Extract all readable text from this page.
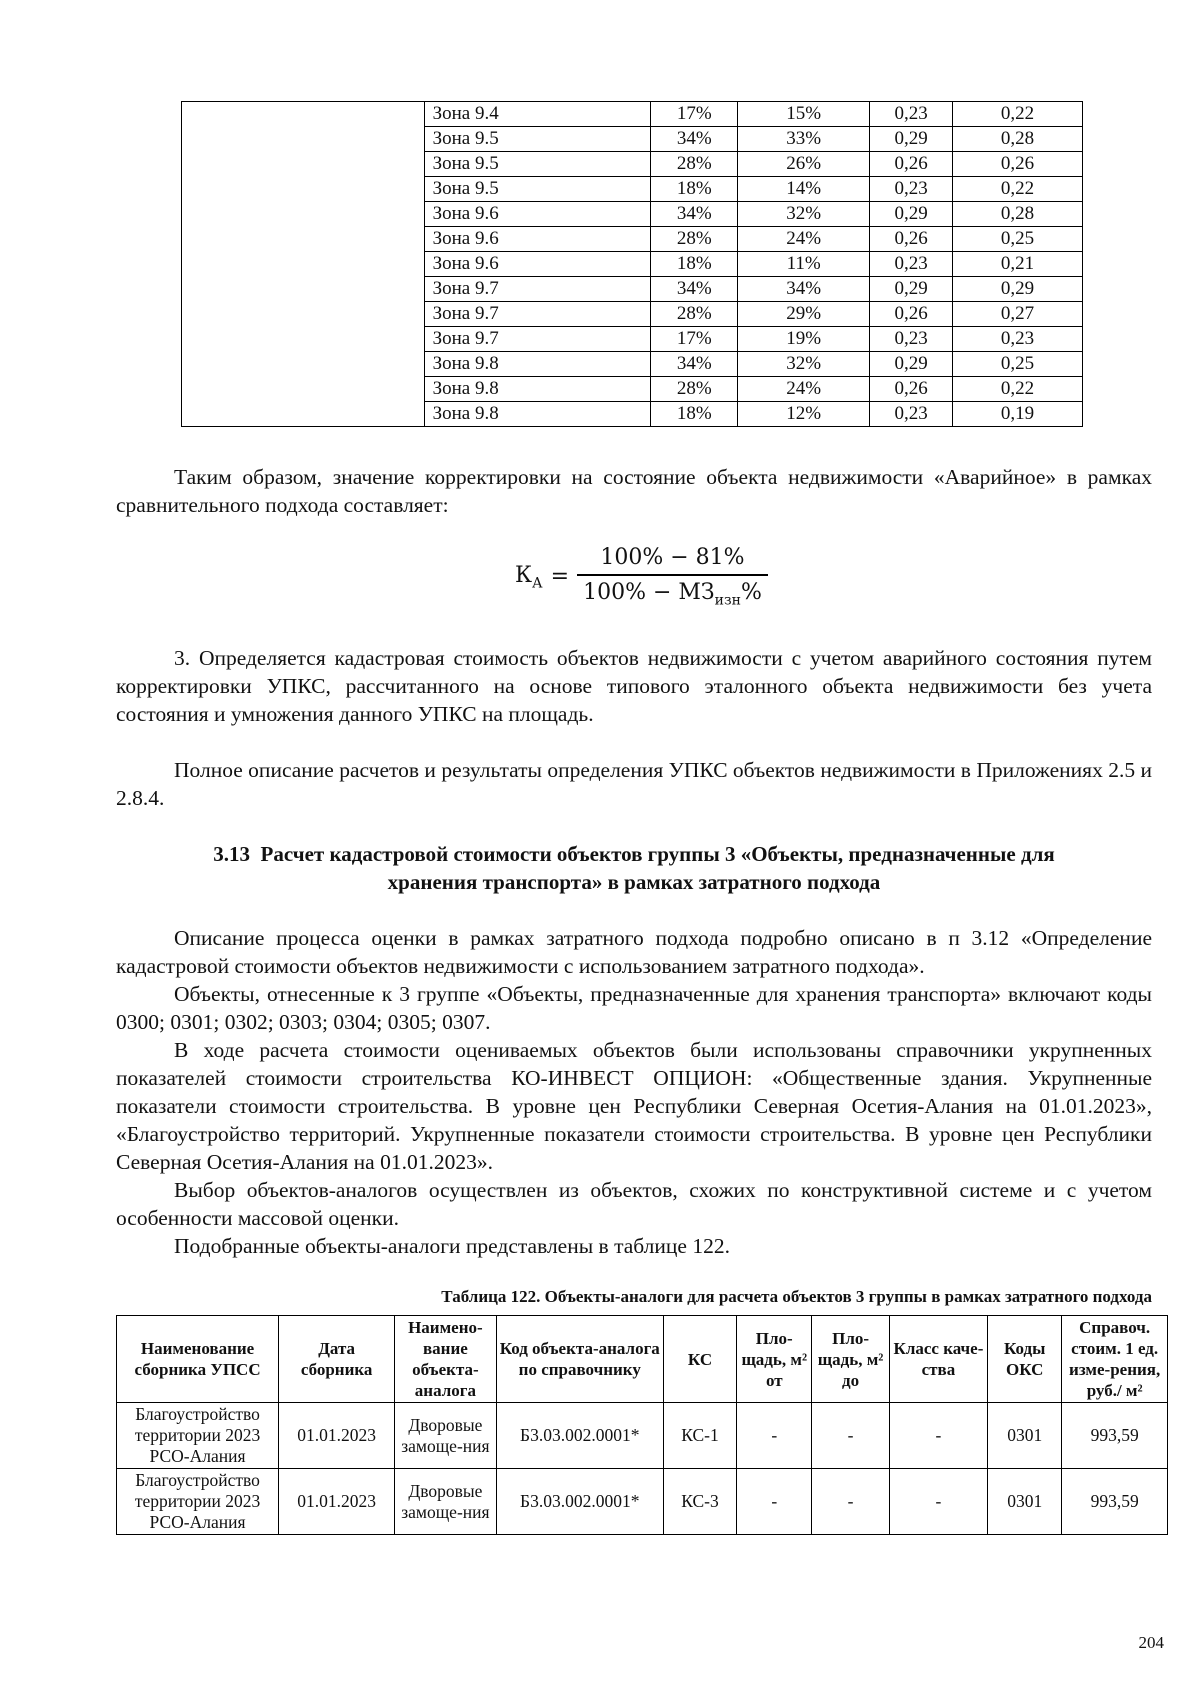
	Зона 9.4	17%	15%	0,23	0,22
	Зона 9.5	34%	33%	0,29	0,28
	Зона 9.5	28%	26%	0,26	0,26
	Зона 9.5	18%	14%	0,23	0,22
	Зона 9.6	34%	32%	0,29	0,28
	Зона 9.6	28%	24%	0,26	0,25
	Зона 9.6	18%	11%	0,23	0,21
	Зона 9.7	34%	34%	0,29	0,29
	Зона 9.7	28%	29%	0,26	0,27
	Зона 9.7	17%	19%	0,23	0,23
	Зона 9.8	34%	32%	0,29	0,25
	Зона 9.8	28%	24%	0,26	0,22
	Зона 9.8	18%	12%	0,23	0,19

Таким образом, значение корректировки на состояние объекта недвижимости «Аварийное» в рамках сравнительного подхода составляет:

$К_А = \frac{100\% - 81\%}{100\% - МЗ_{изн}\%}$

3. Определяется кадастровая стоимость объектов недвижимости с учетом аварийного состояния путем корректировки УПКС, рассчитанного на основе типового эталонного объекта недвижимости без учета состояния и умножения данного УПКС на площадь.

Полное описание расчетов и результаты определения УПКС объектов недвижимости в Приложениях 2.5 и 2.8.4.

3.13 Расчет кадастровой стоимости объектов группы 3 «Объекты, предназначенные для
хранения транспорта» в рамках затратного подхода

Описание процесса оценки в рамках затратного подхода подробно описано в п 3.12 «Определение кадастровой стоимости объектов недвижимости с использованием затратного подхода».

Объекты, отнесенные к 3 группе «Объекты, предназначенные для хранения транспорта» включают коды 0300; 0301; 0302; 0303; 0304; 0305; 0307.

В ходе расчета стоимости оцениваемых объектов были использованы справочники укрупненных показателей стоимости строительства КО-ИНВЕСТ ОПЦИОН: «Общественные здания. Укрупненные показатели стоимости строительства. В уровне цен Республики Северная Осетия-Алания на 01.01.2023», «Благоустройство территорий. Укрупненные показатели стоимости строительства. В уровне цен Республики Северная Осетия-Алания на 01.01.2023».

Выбор объектов-аналогов осуществлен из объектов, схожих по конструктивной системе и с учетом особенности массовой оценки.

Подобранные объекты-аналоги представлены в таблице 122.

Таблица 122. Объекты-аналоги для расчета объектов 3 группы в рамках затратного подхода
Наименование сборника УПСС	Дата сборника	Наимено-вание объекта-аналога	Код объекта-аналога по справочнику	КС	Пло-щадь, м² от	Пло-щадь, м² до	Класс каче-ства	Коды ОКС	Справоч. стоим. 1 ед. изме-рения, руб./ м²
Благоустройство территории 2023 РСО-Алания	01.01.2023	Дворовые замоще-ния	Б3.03.002.0001*	КС-1	-	-	-	0301	993,59
Благоустройство территории 2023 РСО-Алания	01.01.2023	Дворовые замоще-ния	Б3.03.002.0001*	КС-3	-	-	-	0301	993,59
204
